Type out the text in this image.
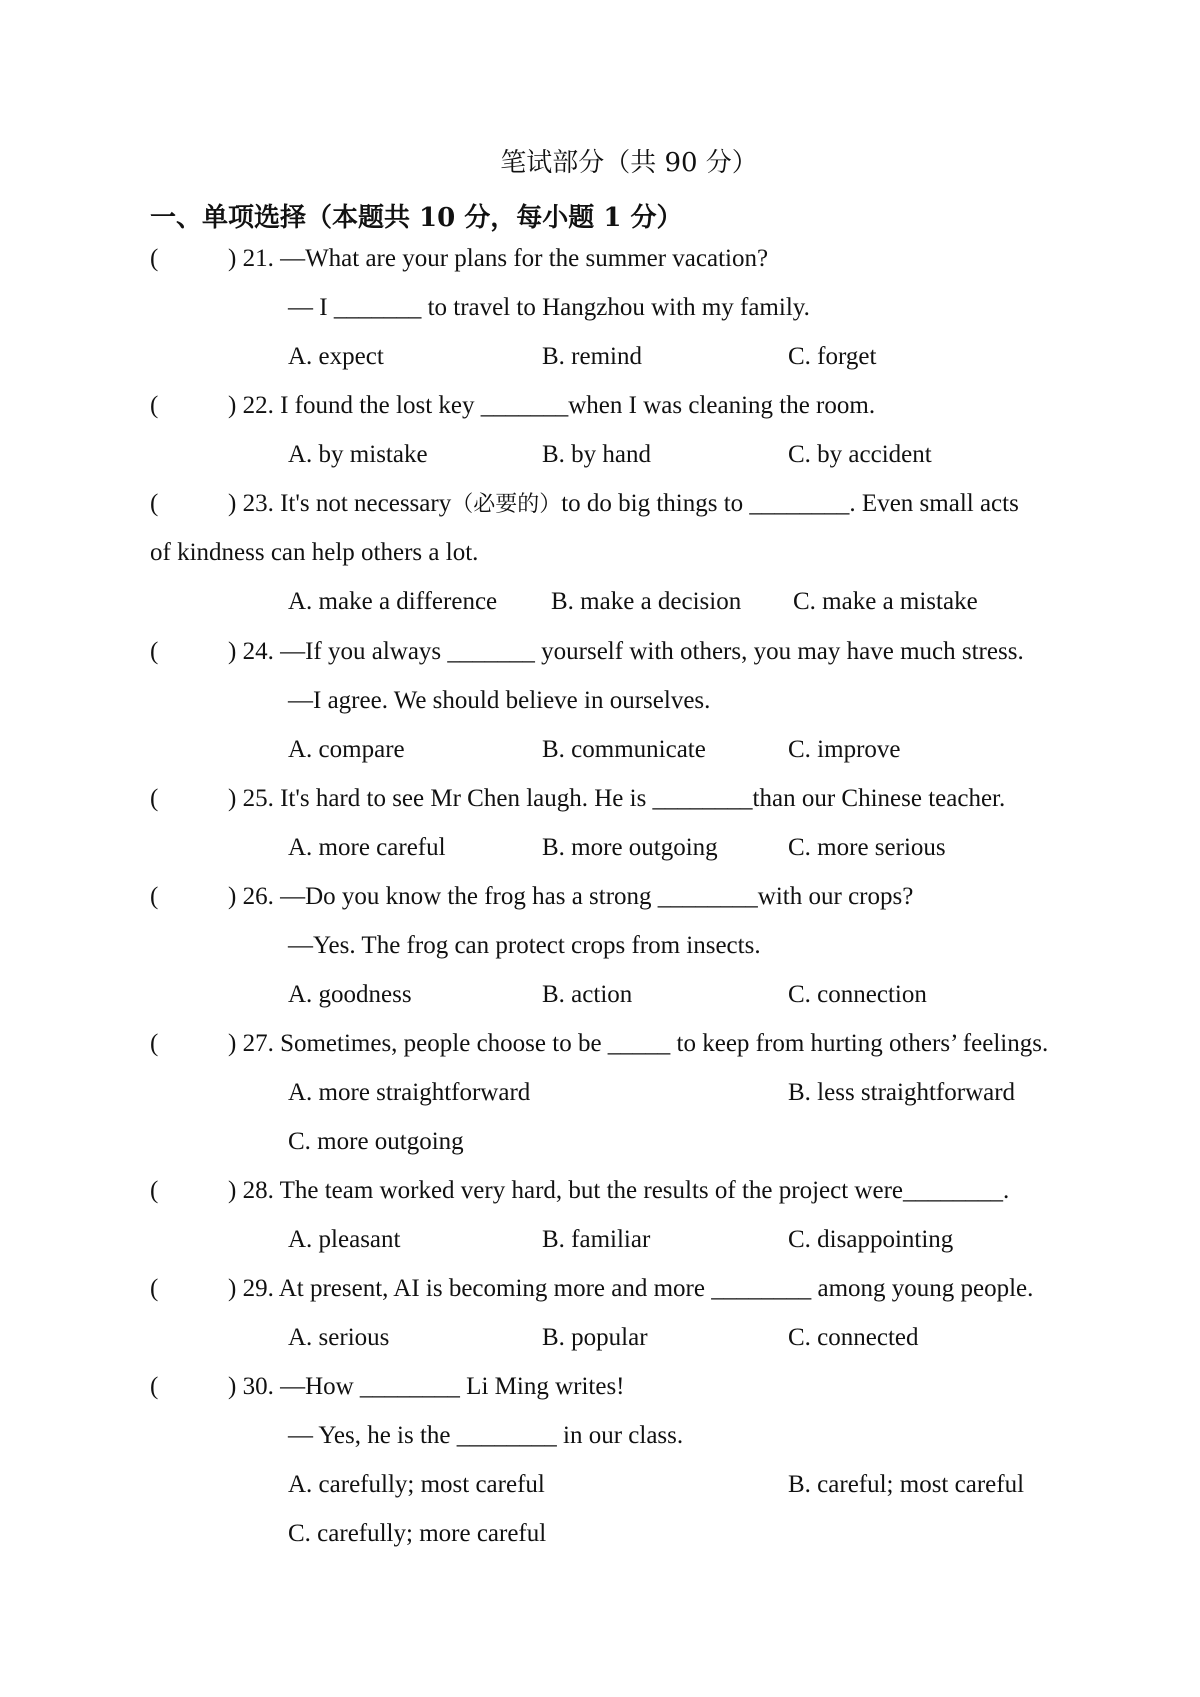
笔试部分（共 90 分）
一、单项选择（本题共 10 分，每小题 1 分）
(	) 21. —What are your plans for the summer vacation?
— I _______ to travel to Hangzhou with my family.
A. expect	B. remind	C. forget
(	) 22. I found the lost key _______when I was cleaning the room.
A. by mistake	B. by hand	C. by accident
(	) 23. It's not necessary（必要的）to do big things to ________. Even small acts
of kindness can help others a lot.
A. make a difference B. make a decision C. make a mistake
(	) 24. —If you always _______ yourself with others, you may have much stress.
—I agree. We should believe in ourselves.
A. compare	B. communicate	C. improve
(	) 25. It's hard to see Mr Chen laugh. He is ________than our Chinese teacher.
A. more careful	B. more outgoing	C. more serious
(	) 26. —Do you know the frog has a strong ________with our crops?
—Yes. The frog can protect crops from insects.
A. goodness	B. action	C. connection
(	) 27. Sometimes, people choose to be _____ to keep from hurting others’ feelings.
A. more straightforward	B. less straightforward
C. more outgoing
(	) 28. The team worked very hard, but the results of the project were________.
A. pleasant	B. familiar	C. disappointing
(	) 29. At present, AI is becoming more and more ________ among young people.
A. serious	B. popular	C. connected
(	) 30. —How ________ Li Ming writes!
— Yes, he is the ________ in our class.
A. carefully; most careful	B. careful; most careful
C. carefully; more careful
